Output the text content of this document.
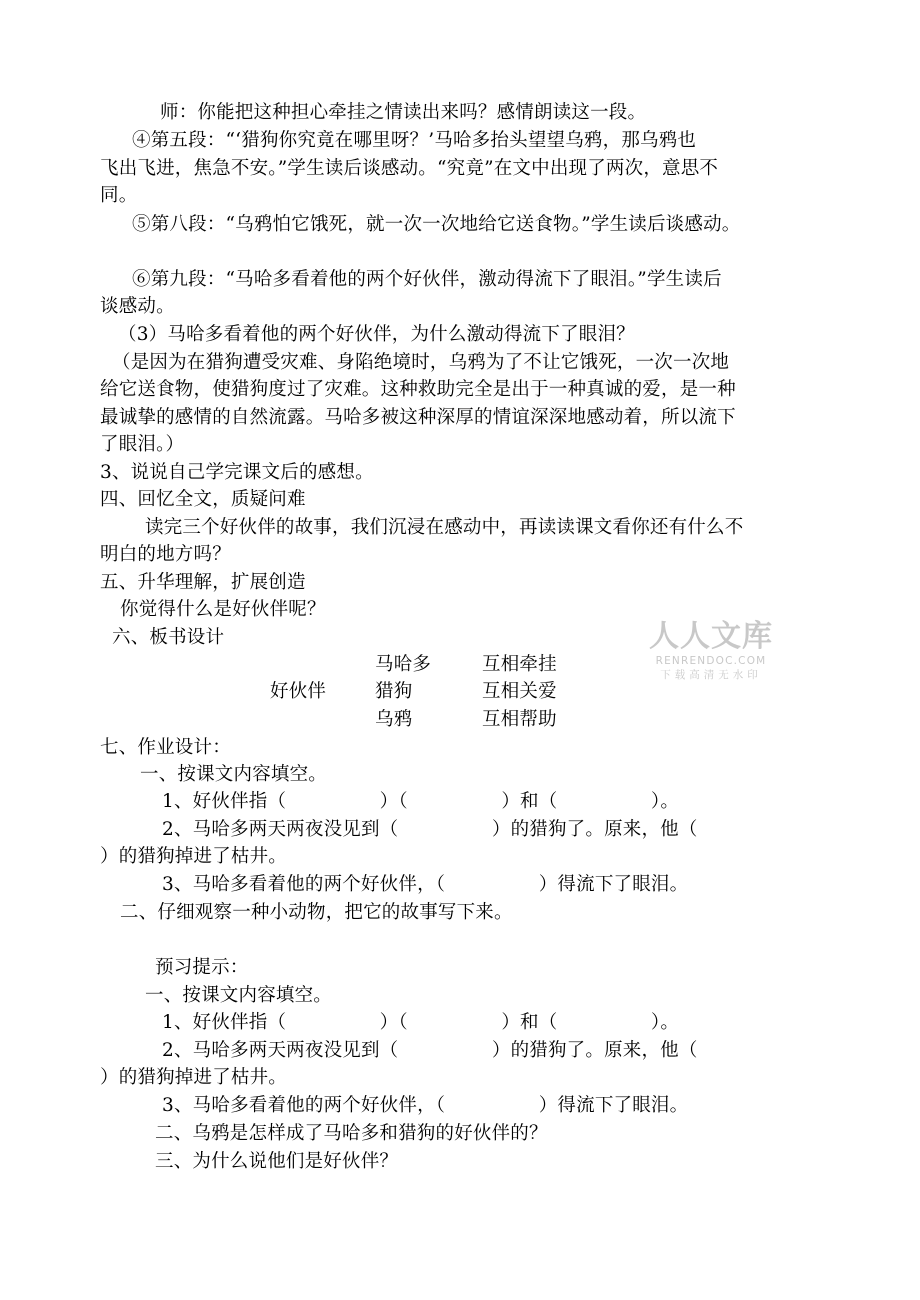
人人文库
RENRENDOC.COM
下载高清无水印
师：你能把这种担心牵挂之情读出来吗？感情朗读这一段。
④第五段：“‘猎狗你究竟在哪里呀？’马哈多抬头望望乌鸦，那乌鸦也
飞出飞进，焦急不安。”学生读后谈感动。“究竟”在文中出现了两次，意思不
同。
⑤第八段：“乌鸦怕它饿死，就一次一次地给它送食物。”学生读后谈感动。
⑥第九段：“马哈多看着他的两个好伙伴，激动得流下了眼泪。”学生读后
谈感动。
（3）马哈多看着他的两个好伙伴，为什么激动得流下了眼泪？
（是因为在猎狗遭受灾难、身陷绝境时，乌鸦为了不让它饿死，一次一次地
给它送食物，使猎狗度过了灾难。这种救助完全是出于一种真诚的爱，是一种
最诚挚的感情的自然流露。马哈多被这种深厚的情谊深深地感动着，所以流下
了眼泪。）
3、说说自己学完课文后的感想。
四、回忆全文，质疑问难
读完三个好伙伴的故事，我们沉浸在感动中，再读读课文看你还有什么不
明白的地方吗？
五、升华理解，扩展创造
你觉得什么是好伙伴呢？
六、板书设计
好伙伴
马哈多
猎狗
乌鸦
互相牵挂
互相关爱
互相帮助
七、作业设计：
一、按课文内容填空。
1、好伙伴指（　　　　　）（　　　　　）和（　　　　　）。
2、马哈多两天两夜没见到（　　　　　）的猎狗了。原来，他（
）的猎狗掉进了枯井。
3、马哈多看着他的两个好伙伴，（　　　　　）得流下了眼泪。
二、仔细观察一种小动物，把它的故事写下来。
预习提示：
一、按课文内容填空。
1、好伙伴指（　　　　　）（　　　　　）和（　　　　　）。
2、马哈多两天两夜没见到（　　　　　）的猎狗了。原来，他（
）的猎狗掉进了枯井。
3、马哈多看着他的两个好伙伴，（　　　　　）得流下了眼泪。
二、乌鸦是怎样成了马哈多和猎狗的好伙伴的？
三、为什么说他们是好伙伴？
